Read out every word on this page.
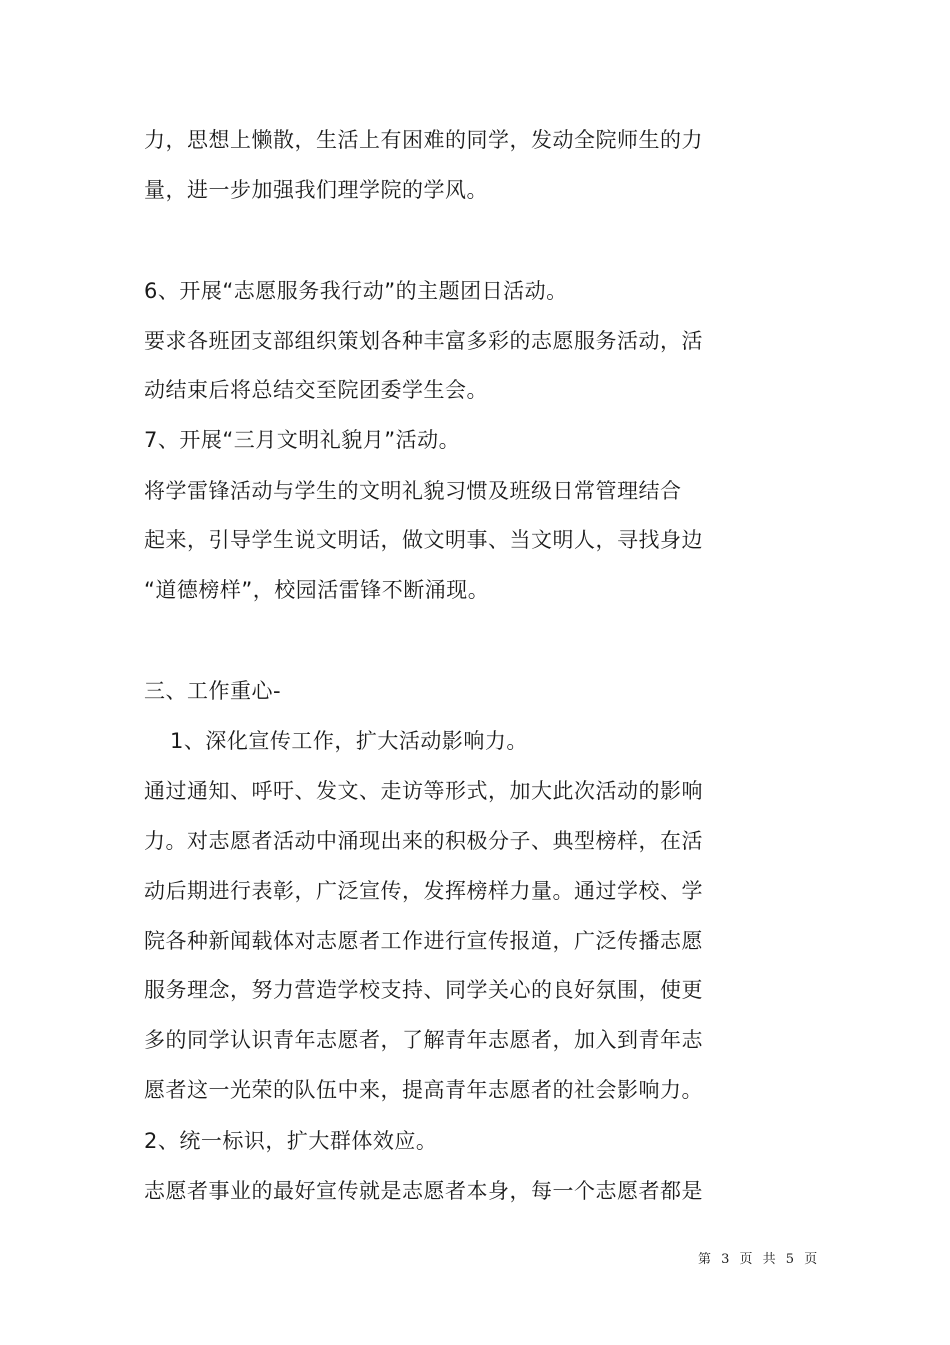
力，思想上懒散，生活上有困难的同学，发动全院师生的力
量，进一步加强我们理学院的学风。
6、开展“志愿服务我行动”的主题团日活动。
要求各班团支部组织策划各种丰富多彩的志愿服务活动，活
动结束后将总结交至院团委学生会。
7、开展“三月文明礼貌月”活动。
将学雷锋活动与学生的文明礼貌习惯及班级日常管理结合
起来，引导学生说文明话，做文明事、当文明人，寻找身边
“道德榜样”，校园活雷锋不断涌现。
三、工作重心-
1、深化宣传工作，扩大活动影响力。
通过通知、呼吁、发文、走访等形式，加大此次活动的影响
力。对志愿者活动中涌现出来的积极分子、典型榜样，在活
动后期进行表彰，广泛宣传，发挥榜样力量。通过学校、学
院各种新闻载体对志愿者工作进行宣传报道，广泛传播志愿
服务理念，努力营造学校支持、同学关心的良好氛围，使更
多的同学认识青年志愿者，了解青年志愿者，加入到青年志
愿者这一光荣的队伍中来，提高青年志愿者的社会影响力。
2、统一标识，扩大群体效应。
志愿者事业的最好宣传就是志愿者本身，每一个志愿者都是
第 3 页 共 5 页
